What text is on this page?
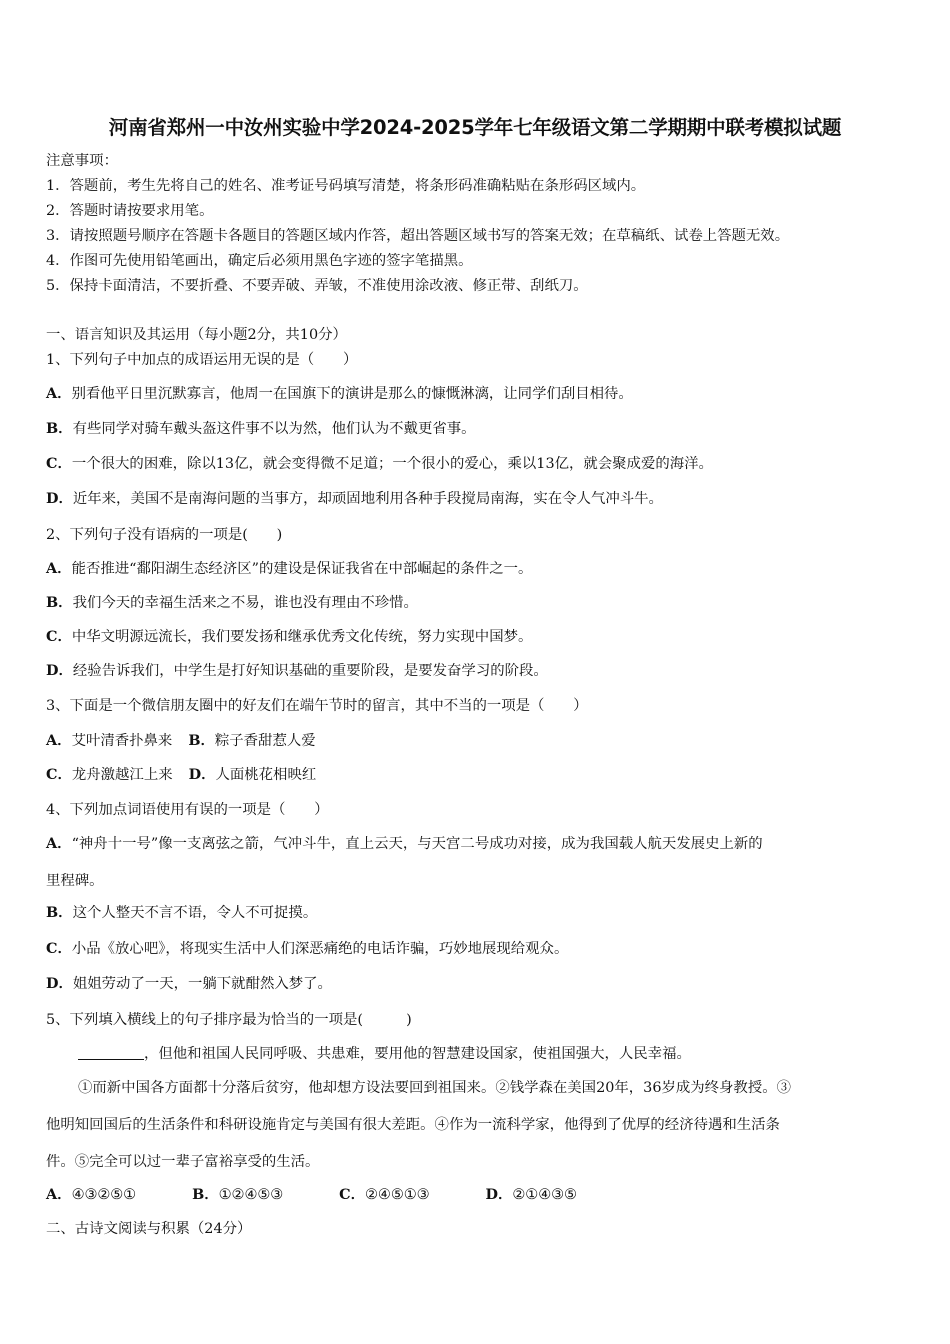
河南省郑州一中汝州实验中学2024-2025学年七年级语文第二学期期中联考模拟试题
注意事项：
1．答题前，考生先将自己的姓名、准考证号码填写清楚，将条形码准确粘贴在条形码区域内。
2．答题时请按要求用笔。
3．请按照题号顺序在答题卡各题目的答题区域内作答，超出答题区域书写的答案无效；在草稿纸、试卷上答题无效。
4．作图可先使用铅笔画出，确定后必须用黑色字迹的签字笔描黑。
5．保持卡面清洁，不要折叠、不要弄破、弄皱，不准使用涂改液、修正带、刮纸刀。
一、语言知识及其运用（每小题2分，共10分）
1、下列句子中加点的成语运用无误的是（　　）
A．别看他平日里沉默寡言，他周一在国旗下的演讲是那么的慷慨淋漓，让同学们刮目相待。
B．有些同学对骑车戴头盔这件事不以为然，他们认为不戴更省事。
C．一个很大的困难，除以13亿，就会变得微不足道；一个很小的爱心，乘以13亿，就会聚成爱的海洋。
D．近年来，美国不是南海问题的当事方，却顽固地利用各种手段搅局南海，实在令人气冲斗牛。
2、下列句子没有语病的一项是(　　)
A．能否推进“鄱阳湖生态经济区”的建设是保证我省在中部崛起的条件之一。
B．我们今天的幸福生活来之不易，谁也没有理由不珍惜。
C．中华文明源远流长，我们要发扬和继承优秀文化传统，努力实现中国梦。
D．经验告诉我们，中学生是打好知识基础的重要阶段，是要发奋学习的阶段。
3、下面是一个微信朋友圈中的好友们在端午节时的留言，其中不当的一项是（　　）
A．艾叶清香扑鼻来 B．粽子香甜惹人爱
C．龙舟激越江上来 D．人面桃花相映红
4、下列加点词语使用有误的一项是（　　）
A．“神舟十一号”像一支离弦之箭，气冲斗牛，直上云天，与天宫二号成功对接，成为我国载人航天发展史上新的
里程碑。
B．这个人整天不言不语，令人不可捉摸。
C．小品《放心吧》，将现实生活中人们深恶痛绝的电话诈骗，巧妙地展现给观众。
D．姐姐劳动了一天，一躺下就酣然入梦了。
5、下列填入横线上的句子排序最为恰当的一项是(　　　)
，但他和祖国人民同呼吸、共患难，要用他的智慧建设国家，使祖国强大，人民幸福。
①而新中国各方面都十分落后贫穷，他却想方设法要回到祖国来。②钱学森在美国20年，36岁成为终身教授。③
他明知回国后的生活条件和科研设施肯定与美国有很大差距。④作为一流科学家，他得到了优厚的经济待遇和生活条
件。⑤完全可以过一辈子富裕享受的生活。
A．④③②⑤①	B．①②④⑤③	C．②④⑤①③	D．②①④③⑤
二、古诗文阅读与积累（24分）
